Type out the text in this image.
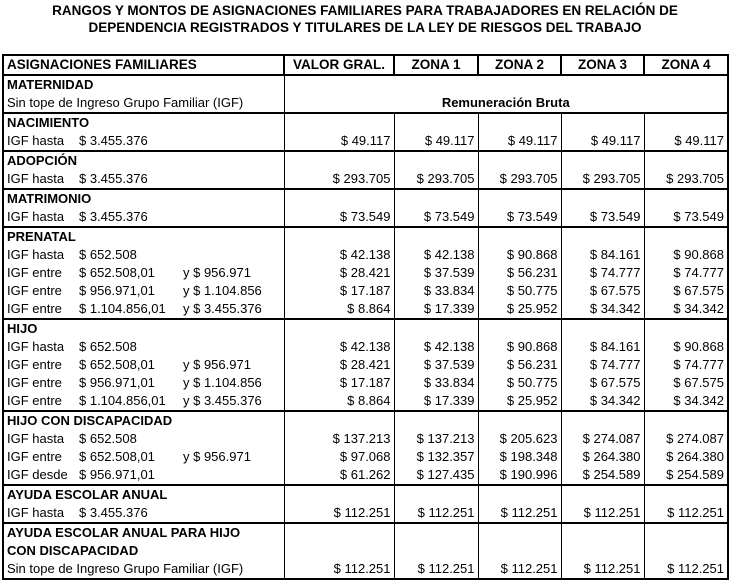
RANGOS Y MONTOS DE ASIGNACIONES FAMILIARES PARA TRABAJADORES EN RELACIÓN DE
DEPENDENCIA REGISTRADOS Y TITULARES DE LA LEY DE RIESGOS DEL TRABAJO
ASIGNACIONES FAMILIARES	VALOR GRAL.	ZONA 1	ZONA 2	ZONA 3	ZONA 4
MATERNIDAD	Remuneración Bruta				

Sin tope de Ingreso Grupo Familiar (IGF)					

NACIMIENTO					

IGF hasta $ 3.455.376	$ 49.117	$ 49.117	$ 49.117	$ 49.117	$ 49.117
ADOPCIÓN					

IGF hasta $ 3.455.376	$ 293.705	$ 293.705	$ 293.705	$ 293.705	$ 293.705
MATRIMONIO					

IGF hasta $ 3.455.376	$ 73.549	$ 73.549	$ 73.549	$ 73.549	$ 73.549
PRENATAL					

IGF hasta $ 652.508	$ 42.138	$ 42.138	$ 90.868	$ 84.161	$ 90.868

IGF entre $ 652.508,01 y $ 956.971	$ 28.421	$ 37.539	$ 56.231	$ 74.777	$ 74.777

IGF entre $ 956.971,01 y $ 1.104.856	$ 17.187	$ 33.834	$ 50.775	$ 67.575	$ 67.575

IGF entre $ 1.104.856,01 y $ 3.455.376	$ 8.864	$ 17.339	$ 25.952	$ 34.342	$ 34.342
HIJO					

IGF hasta $ 652.508	$ 42.138	$ 42.138	$ 90.868	$ 84.161	$ 90.868

IGF entre $ 652.508,01 y $ 956.971	$ 28.421	$ 37.539	$ 56.231	$ 74.777	$ 74.777

IGF entre $ 956.971,01 y $ 1.104.856	$ 17.187	$ 33.834	$ 50.775	$ 67.575	$ 67.575

IGF entre $ 1.104.856,01 y $ 3.455.376	$ 8.864	$ 17.339	$ 25.952	$ 34.342	$ 34.342
HIJO CON DISCAPACIDAD					

IGF hasta $ 652.508	$ 137.213	$ 137.213	$ 205.623	$ 274.087	$ 274.087

IGF entre $ 652.508,01 y $ 956.971	$ 97.068	$ 132.357	$ 198.348	$ 264.380	$ 264.380

IGF desde $ 956.971,01	$ 61.262	$ 127.435	$ 190.996	$ 254.589	$ 254.589
AYUDA ESCOLAR ANUAL					

IGF hasta $ 3.455.376	$ 112.251	$ 112.251	$ 112.251	$ 112.251	$ 112.251
AYUDA ESCOLAR ANUAL PARA HIJO					
CON DISCAPACIDAD					

Sin tope de Ingreso Grupo Familiar (IGF)	$ 112.251	$ 112.251	$ 112.251	$ 112.251	$ 112.251
